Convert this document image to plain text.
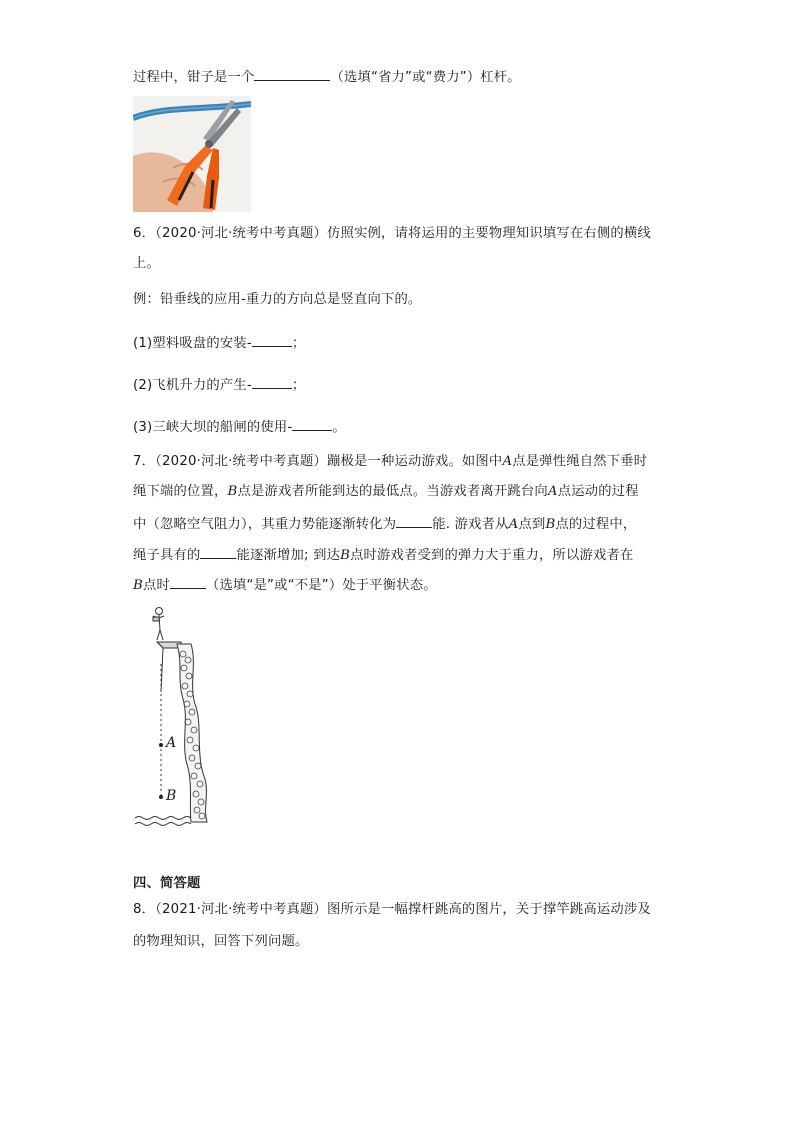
过程中，钳子是一个	（选填“省力”或“费力”）杠杆。
6．（2020·河北·统考中考真题）仿照实例，请将运用的主要物理知识填写在右侧的横线
上。
例：铅垂线的应用-重力的方向总是竖直向下的。
(1)塑料吸盘的安装-	；
(2)飞机升力的产生-	；
(3)三峡大坝的船闸的使用-	。
7．（2020·河北·统考中考真题）蹦极是一种运动游戏。如图中A点是弹性绳自然下垂时
绳下端的位置，B点是游戏者所能到达的最低点。当游戏者离开跳台向A点运动的过程
中（忽略空气阻力），其重力势能逐渐转化为	能. 游戏者从A点到B点的过程中，
绳子具有的	能逐渐增加; 到达B点时游戏者受到的弹力大于重力，所以游戏者在
B点时	（选填“是”或“不是”）处于平衡状态。
A
B
四、简答题
8．（2021·河北·统考中考真题）图所示是一幅撑杆跳高的图片，关于撑竿跳高运动涉及
的物理知识，回答下列问题。
